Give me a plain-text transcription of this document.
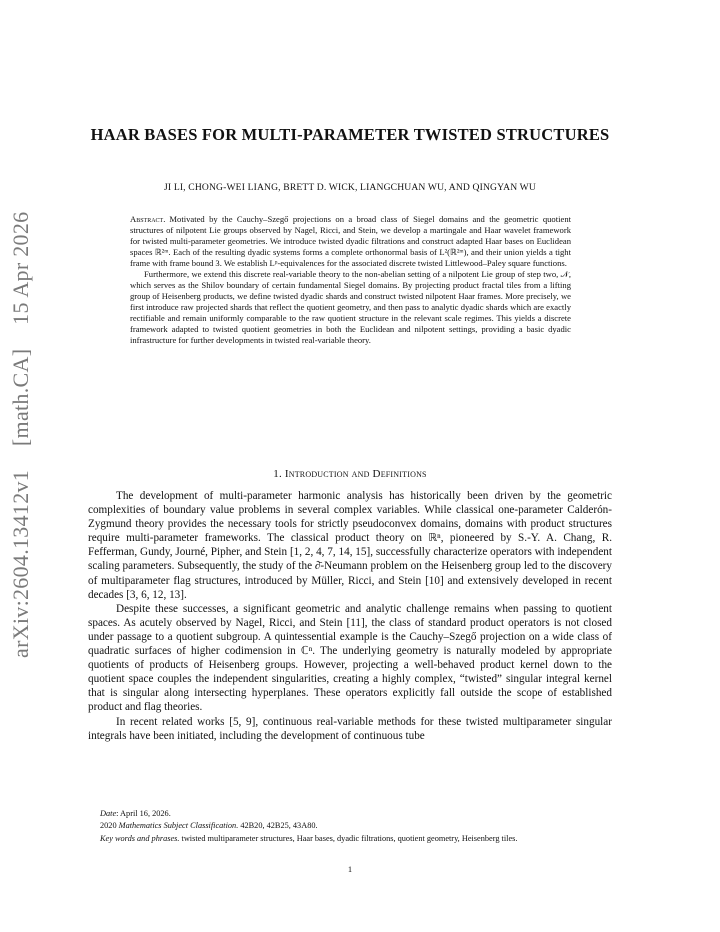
arXiv:2604.13412v1 [math.CA] 15 Apr 2026
HAAR BASES FOR MULTI-PARAMETER TWISTED STRUCTURES
JI LI, CHONG-WEI LIANG, BRETT D. WICK, LIANGCHUAN WU, AND QINGYAN WU

Abstract. Motivated by the Cauchy–Szegő projections on a broad class of Siegel domains and the geometric quotient structures of nilpotent Lie groups observed by Nagel, Ricci, and Stein, we develop a martingale and Haar wavelet framework for twisted multi-parameter geometries. We introduce twisted dyadic filtrations and construct adapted Haar bases on Euclidean spaces ℝ²ᵐ. Each of the resulting dyadic systems forms a complete orthonormal basis of L²(ℝ²ᵐ), and their union yields a tight frame with frame bound 3. We establish Lᵖ-equivalences for the associated discrete twisted Littlewood–Paley square functions.

Furthermore, we extend this discrete real-variable theory to the non-abelian setting of a nilpotent Lie group of step two, 𝒩, which serves as the Shilov boundary of certain fundamental Siegel domains. By projecting product fractal tiles from a lifting group of Heisenberg products, we define twisted dyadic shards and construct twisted nilpotent Haar frames. More precisely, we first introduce raw projected shards that reflect the quotient geometry, and then pass to analytic dyadic shards which are exactly rectifiable and remain uniformly comparable to the raw quotient structure in the relevant scale regimes. This yields a discrete framework adapted to twisted quotient geometries in both the Euclidean and nilpotent settings, providing a basic dyadic infrastructure for further developments in twisted real-variable theory.

1. Introduction and Definitions

The development of multi-parameter harmonic analysis has historically been driven by the geometric complexities of boundary value problems in several complex variables. While classical one-parameter Calderón-Zygmund theory provides the necessary tools for strictly pseudoconvex domains, domains with product structures require multi-parameter frameworks. The classical product theory on ℝⁿ, pioneered by S.-Y. A. Chang, R. Fefferman, Gundy, Journé, Pipher, and Stein [1, 2, 4, 7, 14, 15], successfully characterize operators with independent scaling parameters. Subsequently, the study of the ∂̄-Neumann problem on the Heisenberg group led to the discovery of multiparameter flag structures, introduced by Müller, Ricci, and Stein [10] and extensively developed in recent decades [3, 6, 12, 13].

Despite these successes, a significant geometric and analytic challenge remains when passing to quotient spaces. As acutely observed by Nagel, Ricci, and Stein [11], the class of standard product operators is not closed under passage to a quotient subgroup. A quintessential example is the Cauchy–Szegő projection on a wide class of quadratic surfaces of higher codimension in ℂⁿ. The underlying geometry is naturally modeled by appropriate quotients of products of Heisenberg groups. However, projecting a well-behaved product kernel down to the quotient space couples the independent singularities, creating a highly complex, “twisted” singular integral kernel that is singular along intersecting hyperplanes. These operators explicitly fall outside the scope of established product and flag theories.

In recent related works [5, 9], continuous real-variable methods for these twisted multiparameter singular integrals have been initiated, including the development of continuous tube

Date: April 16, 2026.

2020 Mathematics Subject Classification. 42B20, 42B25, 43A80.

Key words and phrases. twisted multiparameter structures, Haar bases, dyadic filtrations, quotient geometry, Heisenberg tiles.

1
